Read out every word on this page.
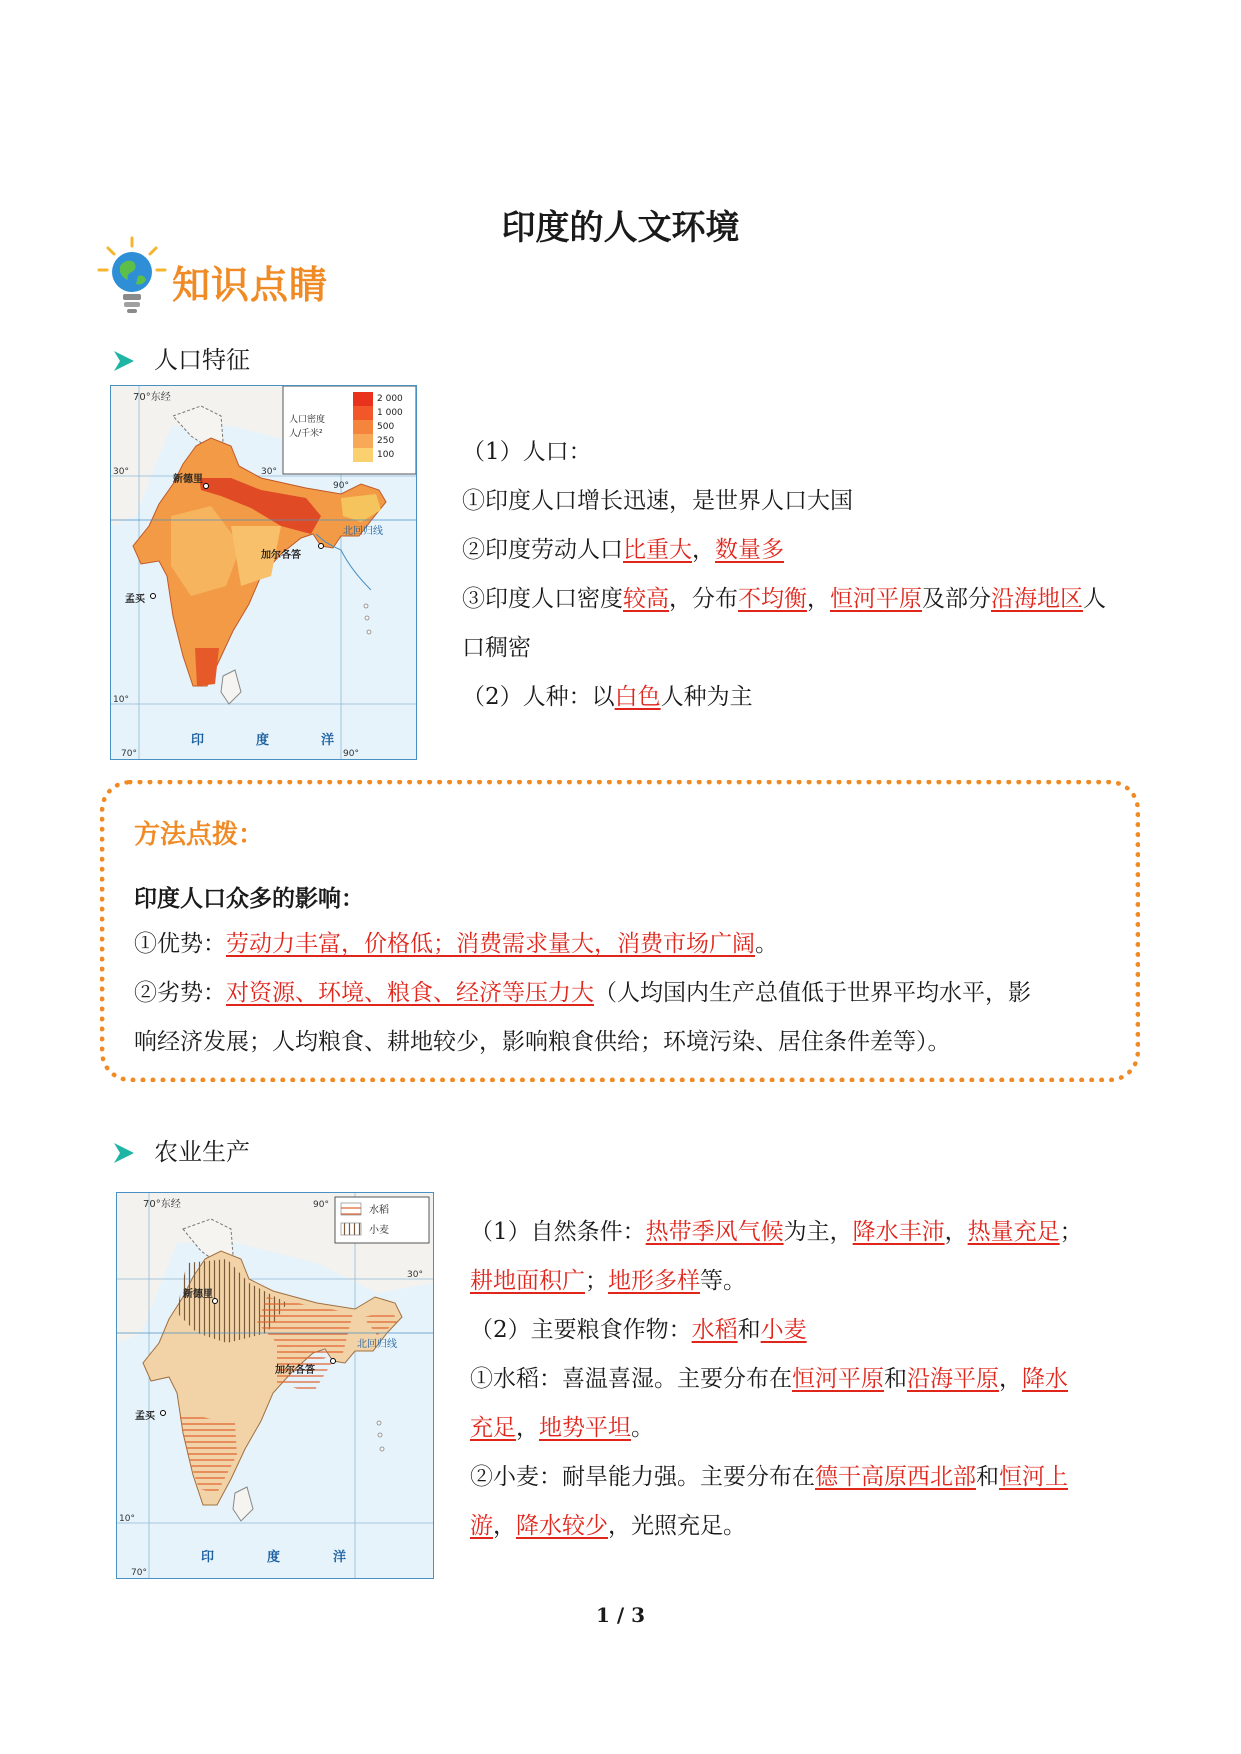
印度的人文环境
知识点睛
人口特征
人口密度
人/千米²
2 000
1 000
500
250
100
70°东经
30°	30°
90°
10°
70°	90°
新德里
加尔各答
孟买
北回归线
印	度	洋

（1）人口：

①印度人口增长迅速，是世界人口大国

②印度劳动人口比重大，数量多

③印度人口密度较高，分布不均衡，恒河平原及部分沿海地区人

口稠密

（2）人种：以白色人种为主

方法点拨：
印度人口众多的影响：

①优势：劳动力丰富，价格低；消费需求量大，消费市场广阔。

②劣势：对资源、环境、粮食、经济等压力大（人均国内生产总值低于世界平均水平，影

响经济发展；人均粮食、耕地较少，影响粮食供给；环境污染、居住条件差等）。

农业生产
水稻
小麦
70°东经	90°
30°
10°
70°
新德里
加尔各答
孟买
北回归线
印	度	洋

（1）自然条件：热带季风气候为主，降水丰沛，热量充足；

耕地面积广；地形多样等。

（2）主要粮食作物：水稻和小麦

①水稻：喜温喜湿。主要分布在恒河平原和沿海平原，降水

充足，地势平坦。

②小麦：耐旱能力强。主要分布在德干高原西北部和恒河上

游，降水较少，光照充足。

1 / 3
